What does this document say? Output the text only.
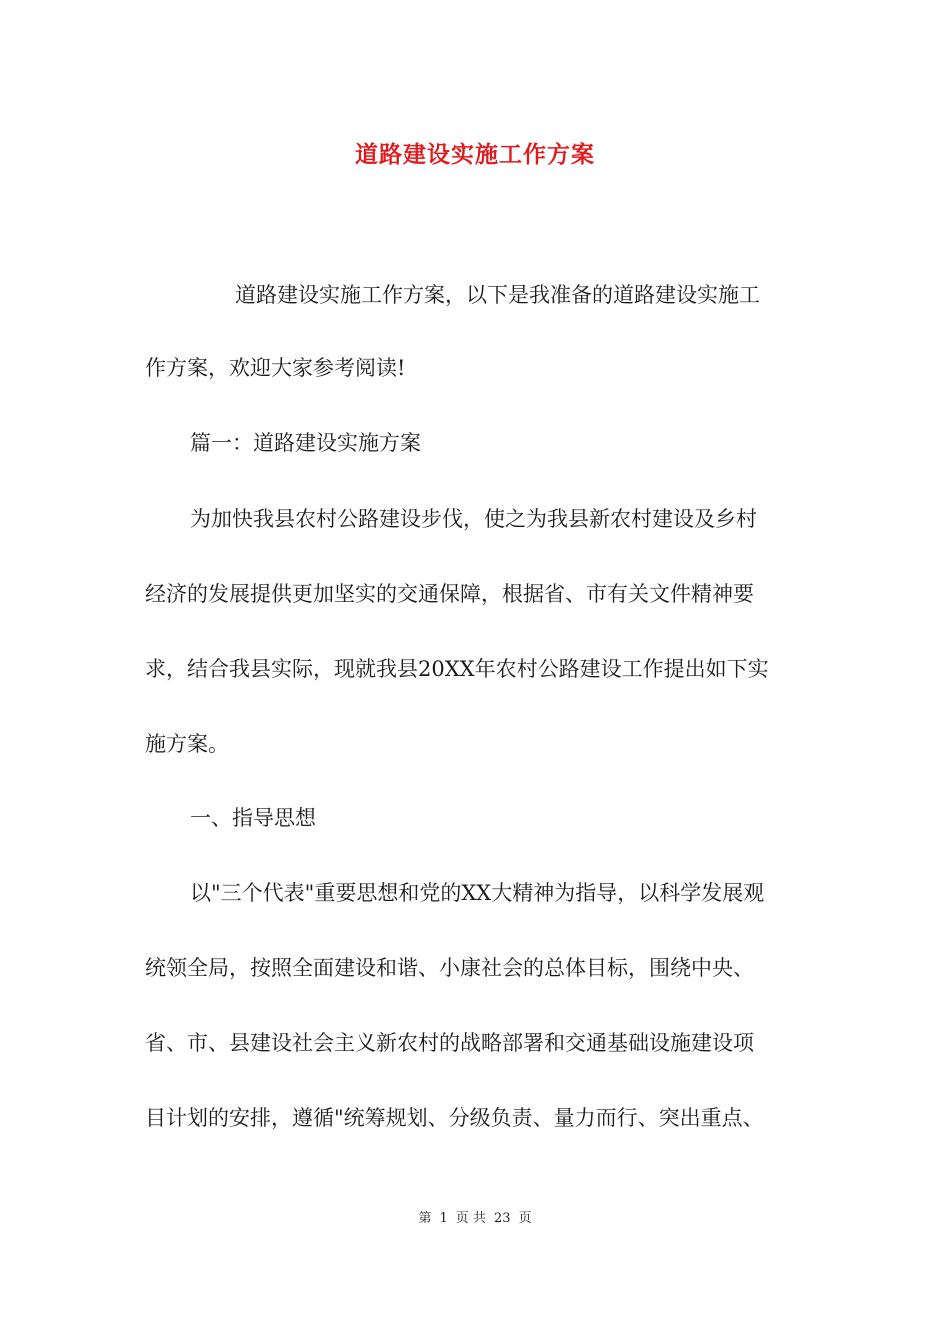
道路建设实施工作方案

道路建设实施工作方案，以下是我准备的道路建设实施工

作方案，欢迎大家参考阅读!

篇一：道路建设实施方案

为加快我县农村公路建设步伐，使之为我县新农村建设及乡村

经济的发展提供更加坚实的交通保障，根据省、市有关文件精神要

求，结合我县实际，现就我县20XX年农村公路建设工作提出如下实

施方案。

一、指导思想

以"三个代表"重要思想和党的XX大精神为指导，以科学发展观

统领全局，按照全面建设和谐、小康社会的总体目标，围绕中央、

省、市、县建设社会主义新农村的战略部署和交通基础设施建设项

目计划的安排，遵循"统筹规划、分级负责、量力而行、突出重点、

第 1 页 共 23 页
